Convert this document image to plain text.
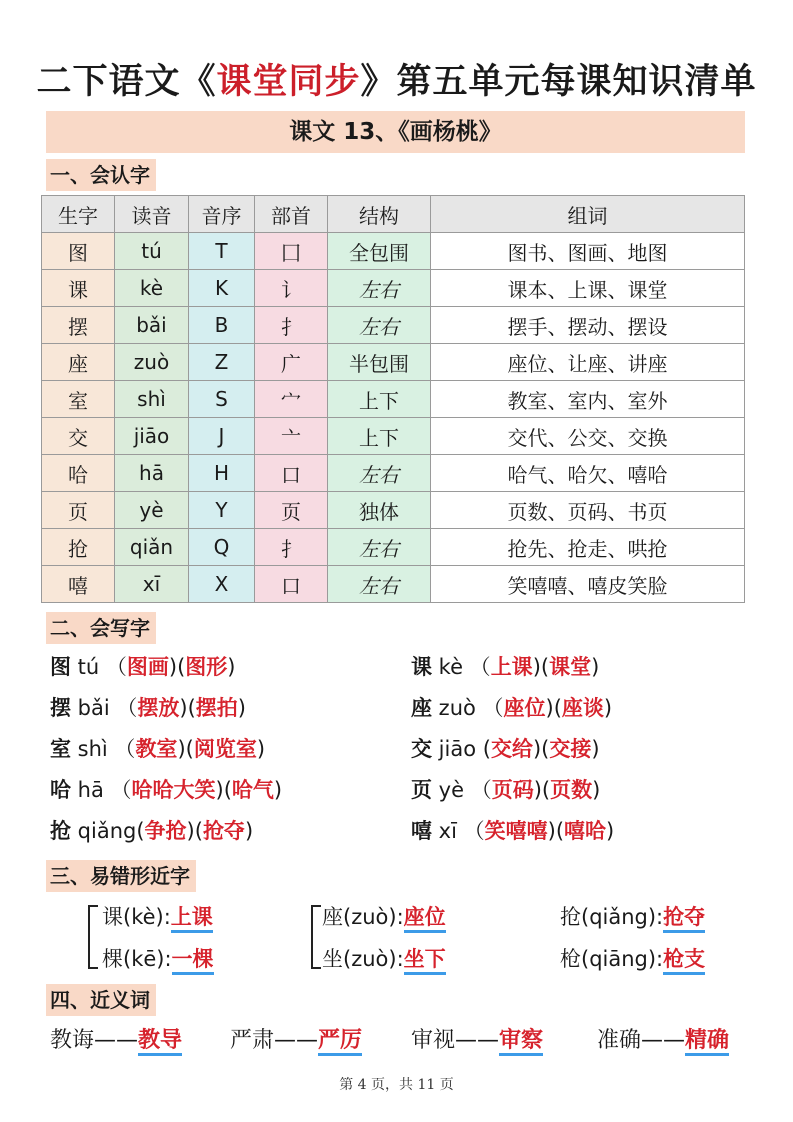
二下语文《课堂同步》第五单元每课知识清单
课文 13、《画杨桃》
一、会认字
生字	读音	音序	部首	结构	组词
图	tú	T	囗	全包围	图书、图画、地图
课	kè	K	讠	左右	课本、上课、课堂
摆	bǎi	B	扌	左右	摆手、摆动、摆设
座	zuò	Z	广	半包围	座位、让座、讲座
室	shì	S	宀	上下	教室、室内、室外
交	jiāo	J	亠	上下	交代、公交、交换
哈	hā	H	口	左右	哈气、哈欠、嘻哈
页	yè	Y	页	独体	页数、页码、书页
抢	qiǎn	Q	扌	左右	抢先、抢走、哄抢
嘻	xī	X	口	左右	笑嘻嘻、嘻皮笑脸
二、会写字
图 tú （图画)(图形)	课 kè （上课)(课堂)
摆 bǎi （摆放)(摆拍)	座 zuò （座位)(座谈)
室 shì （教室)(阅览室)	交 jiāo (交给)(交接)
哈 hā （哈哈大笑)(哈气)	页 yè （页码)(页数)
抢 qiǎng(争抢)(抢夺)	嘻 xī （笑嘻嘻)(嘻哈)
三、易错形近字
课(kè):上课
棵(kē):一棵
座(zuò):座位
坐(zuò):坐下
抢(qiǎng):抢夺
枪(qiāng):枪支
四、近义词
教诲——教导 严肃——严厉 审视——审察 准确——精确
第 4 页，共 11 页
